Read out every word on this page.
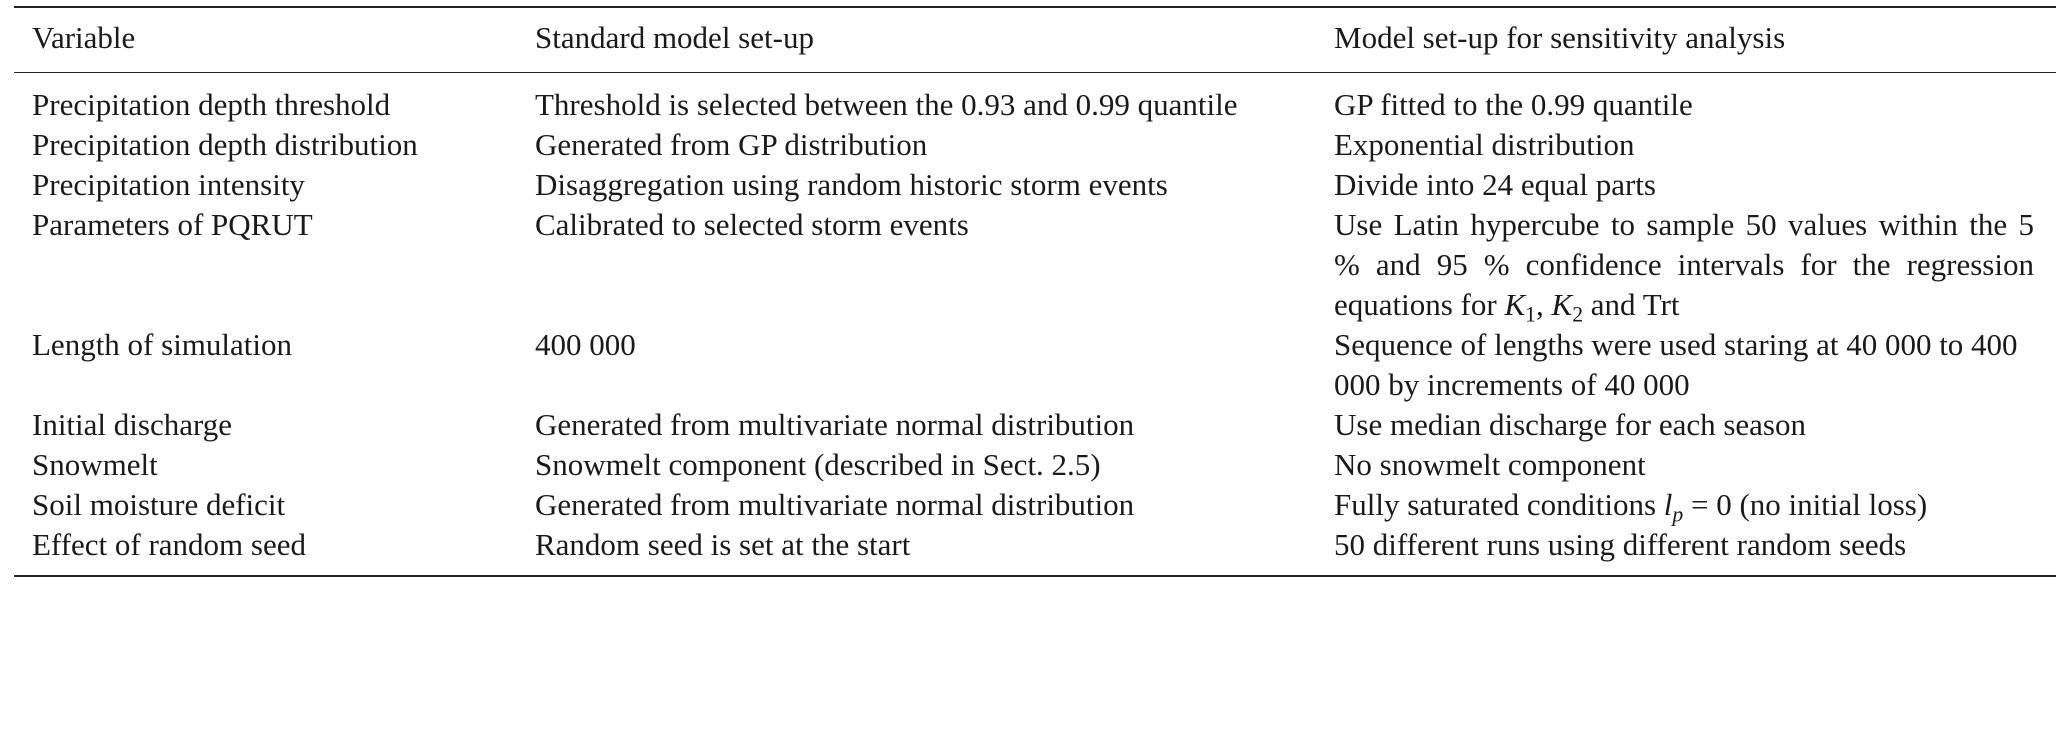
Variable	Standard model set-up	Model set-up for sensitivity analysis
Precipitation depth threshold	Threshold is selected between the 0.93 and 0.99 quantile	GP fitted to the 0.99 quantile
Precipitation depth distribution	Generated from GP distribution	Exponential distribution
Precipitation intensity	Disaggregation using random historic storm events	Divide into 24 equal parts
Parameters of PQRUT	Calibrated to selected storm events	Use Latin hypercube to sample 50 values within the 5 % and 95 % confidence intervals for the regression equations for $K_1$, $K_2$ and Trt
Length of simulation	400 000	Sequence of lengths were used staring at 40 000 to 400 000 by increments of 40 000
Initial discharge	Generated from multivariate normal distribution	Use median discharge for each season
Snowmelt	Snowmelt component (described in Sect. 2.5)	No snowmelt component
Soil moisture deficit	Generated from multivariate normal distribution	Fully saturated conditions $l_p = 0$ (no initial loss)
Effect of random seed	Random seed is set at the start	50 different runs using different random seeds
